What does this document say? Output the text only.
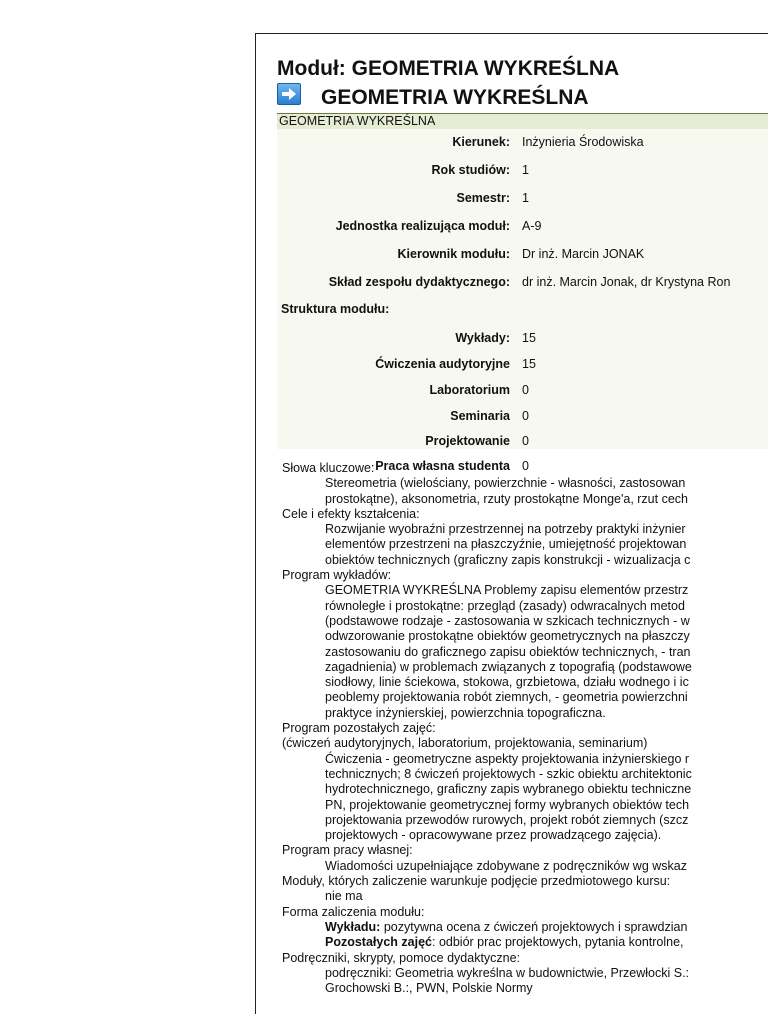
Moduł: GEOMETRIA WYKREŚLNA
GEOMETRIA WYKREŚLNA
GEOMETRIA WYKREŚLNA
Kierunek: Inżynieria Środowiska
Rok studiów: 1
Semestr: 1
Jednostka realizująca moduł: A-9
Kierownik modułu: Dr inż. Marcin JONAK
Skład zespołu dydaktycznego: dr inż. Marcin Jonak, dr Krystyna Ron
Struktura modułu:
Wykłady: 15
Ćwiczenia audytoryjne 15
Laboratorium 0
Seminaria 0
Projektowanie 0
Praca własna studenta 0
Słowa kluczowe:
Stereometria (wielościany, powierzchnie - własności, zastosowan
prostokątne), aksonometria, rzuty prostokątne Monge'a, rzut cech
Cele i efekty kształcenia:
Rozwijanie wyobraźni przestrzennej na potrzeby praktyki inżynier
elementów przestrzeni na płaszczyźnie, umiejętność projektowan
obiektów technicznych (graficzny zapis konstrukcji - wizualizacja c
Program wykładów:
GEOMETRIA WYKREŚLNA Problemy zapisu elementów przestrz
równoległe i prostokątne: przegląd (zasady) odwracalnych metod
(podstawowe rodzaje - zastosowania w szkicach technicznych - w
odwzorowanie prostokątne obiektów geometrycznych na płaszczy
zastosowaniu do graficznego zapisu obiektów technicznych, - tran
zagadnienia) w problemach związanych z topografią (podstawowe
siodłowy, linie ściekowa, stokowa, grzbietowa, działu wodnego i ic
peoblemy projektowania robót ziemnych, - geometria powierzchni
praktyce inżynierskiej, powierzchnia topograficzna.
Program pozostałych zajęć:
(ćwiczeń audytoryjnych, laboratorium, projektowania, seminarium)
Ćwiczenia - geometryczne aspekty projektowania inżynierskiego r
technicznych; 8 ćwiczeń projektowych - szkic obiektu architektonic
hydrotechnicznego, graficzny zapis wybranego obiektu techniczne
PN, projektowanie geometrycznej formy wybranych obiektów tech
projektowania przewodów rurowych, projekt robót ziemnych (szcz
projektowych - opracowywane przez prowadzącego zajęcia).
Program pracy własnej:
Wiadomości uzupełniające zdobywane z podręczników wg wskaz
Moduły, których zaliczenie warunkuje podjęcie przedmiotowego kursu:
nie ma
Forma zaliczenia modułu:
Wykładu: pozytywna ocena z ćwiczeń projektowych i sprawdzian
Pozostałych zajęć: odbiór prac projektowych, pytania kontrolne,
Podręczniki, skrypty, pomoce dydaktyczne:
podręczniki: Geometria wykreślna w budownictwie, Przewłocki S.:
Grochowski B.:, PWN, Polskie Normy
